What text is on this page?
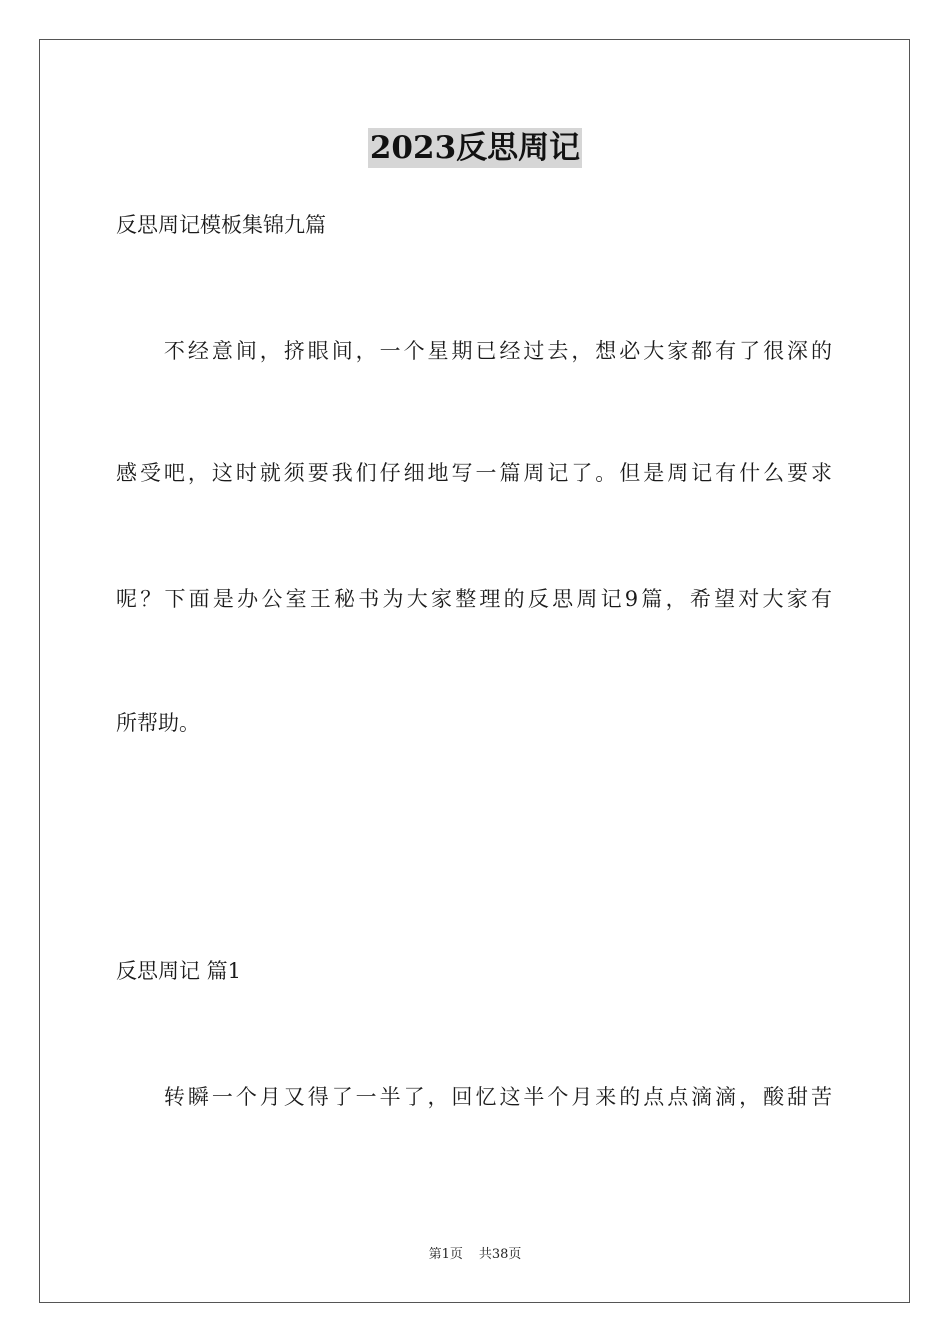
2023反思周记
反思周记模板集锦九篇
　　不经意间，挤眼间，一个星期已经过去，想必大家都有了很深的
感受吧，这时就须要我们仔细地写一篇周记了。但是周记有什么要求
呢？下面是办公室王秘书为大家整理的反思周记9篇，希望对大家有
所帮助。
反思周记 篇1
　　转瞬一个月又得了一半了，回忆这半个月来的点点滴滴，酸甜苦
第1页 共38页
